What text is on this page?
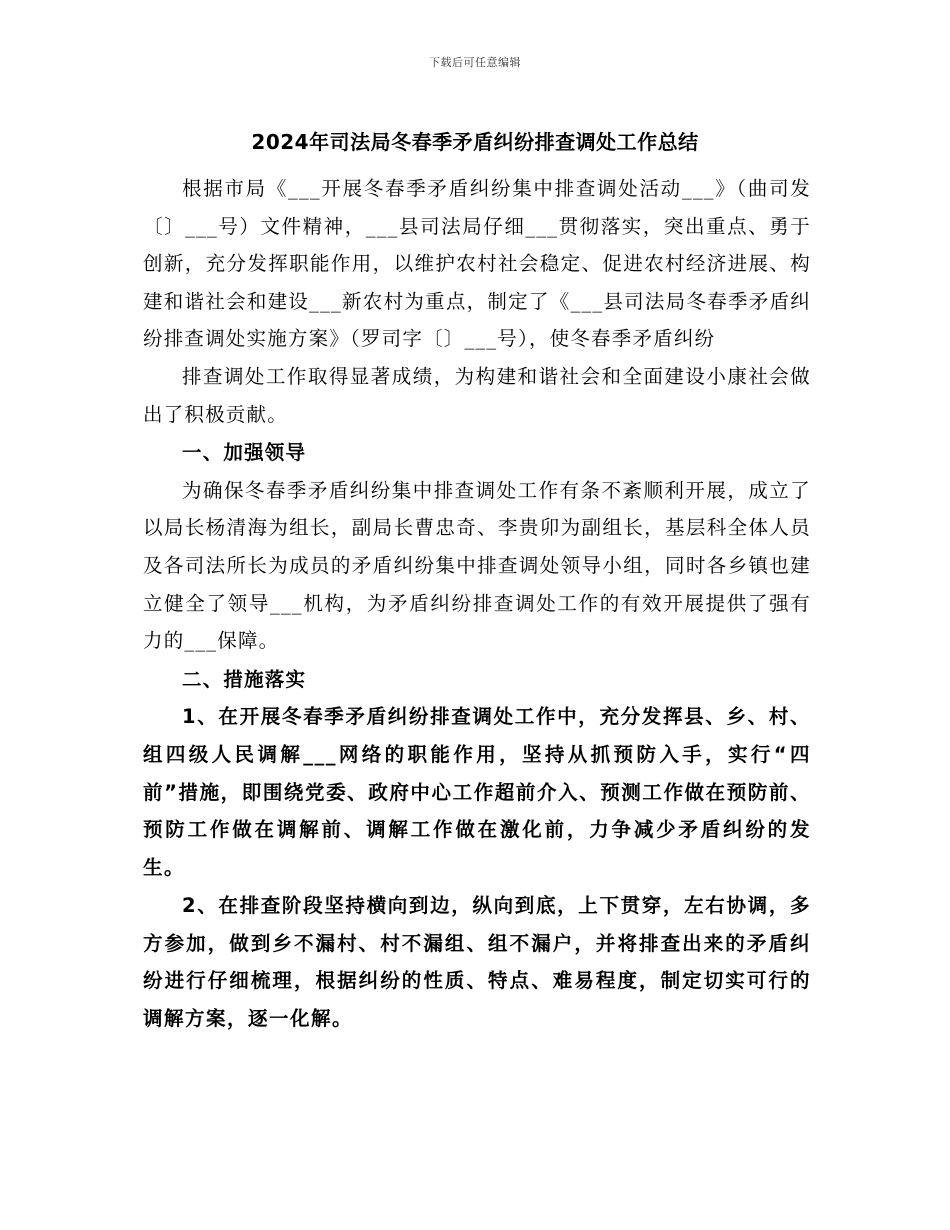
下载后可任意编辑
2024年司法局冬春季矛盾纠纷排查调处工作总结

根据市局《___开展冬春季矛盾纠纷集中排查调处活动___》（曲司发〔〕___号）文件精神，___县司法局仔细___贯彻落实，突出重点、勇于创新，充分发挥职能作用，以维护农村社会稳定、促进农村经济进展、构建和谐社会和建设___新农村为重点，制定了《___县司法局冬春季矛盾纠纷排查调处实施方案》（罗司字〔〕___号），使冬春季矛盾纠纷

排查调处工作取得显著成绩，为构建和谐社会和全面建设小康社会做出了积极贡献。

一、加强领导

为确保冬春季矛盾纠纷集中排查调处工作有条不紊顺利开展，成立了以局长杨清海为组长，副局长曹忠奇、李贵卯为副组长，基层科全体人员及各司法所长为成员的矛盾纠纷集中排查调处领导小组，同时各乡镇也建立健全了领导___机构，为矛盾纠纷排查调处工作的有效开展提供了强有力的___保障。

二、措施落实

1、在开展冬春季矛盾纠纷排查调处工作中，充分发挥县、乡、村、组四级人民调解___网络的职能作用，坚持从抓预防入手，实行“四前”措施，即围绕党委、政府中心工作超前介入、预测工作做在预防前、预防工作做在调解前、调解工作做在激化前，力争减少矛盾纠纷的发生。

2、在排查阶段坚持横向到边，纵向到底，上下贯穿，左右协调，多方参加，做到乡不漏村、村不漏组、组不漏户，并将排查出来的矛盾纠纷进行仔细梳理，根据纠纷的性质、特点、难易程度，制定切实可行的调解方案，逐一化解。
